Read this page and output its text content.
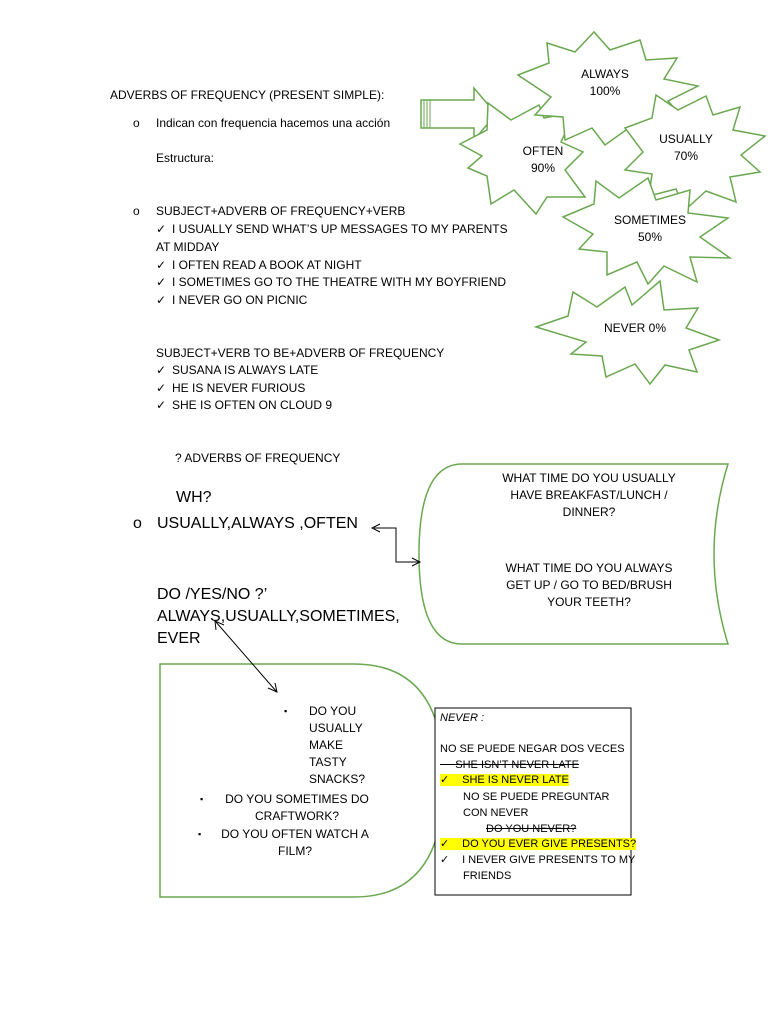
ADVERBS OF FREQUENCY (PRESENT SIMPLE):
o Indican con frequencia hacemos una acción
Estructura:
o SUBJECT+ADVERB OF FREQUENCY+VERB
✓ I USUALLY SEND WHAT’S UP MESSAGES TO MY PARENTS
AT MIDDAY
✓ I OFTEN READ A BOOK AT NIGHT
✓ I SOMETIMES GO TO THE THEATRE WITH MY BOYFRIEND
✓ I NEVER GO ON PICNIC
SUBJECT+VERB TO BE+ADVERB OF FREQUENCY
✓ SUSANA IS ALWAYS LATE
✓ HE IS NEVER FURIOUS
✓ SHE IS OFTEN ON CLOUD 9
? ADVERBS OF FREQUENCY
WH?
o USUALLY,ALWAYS ,OFTEN
DO /YES/NO ?’
ALWAYS,USUALLY,SOMETIMES,
EVER
ALWAYS
100%
OFTEN
90%
USUALLY
70%
SOMETIMES
50%
NEVER 0%
WHAT TIME DO YOU USUALLY
HAVE BREAKFAST/LUNCH /
DINNER?
WHAT TIME DO YOU ALWAYS
GET UP / GO TO BED/BRUSH
YOUR TEETH?
▪ DO YOU
USUALLY
MAKE
TASTY
SNACKS?
▪	DO YOU SOMETIMES DO
CRAFTWORK?
▪	DO YOU OFTEN WATCH A
FILM?
NEVER :
NO SE PUEDE NEGAR DOS VECES
SHE ISN’T NEVER LATE
✓ SHE IS NEVER LATE
NO SE PUEDE PREGUNTAR
CON NEVER
DO YOU NEVER?
✓ DO YOU EVER GIVE PRESENTS?
✓ I NEVER GIVE PRESENTS TO MY
FRIENDS
